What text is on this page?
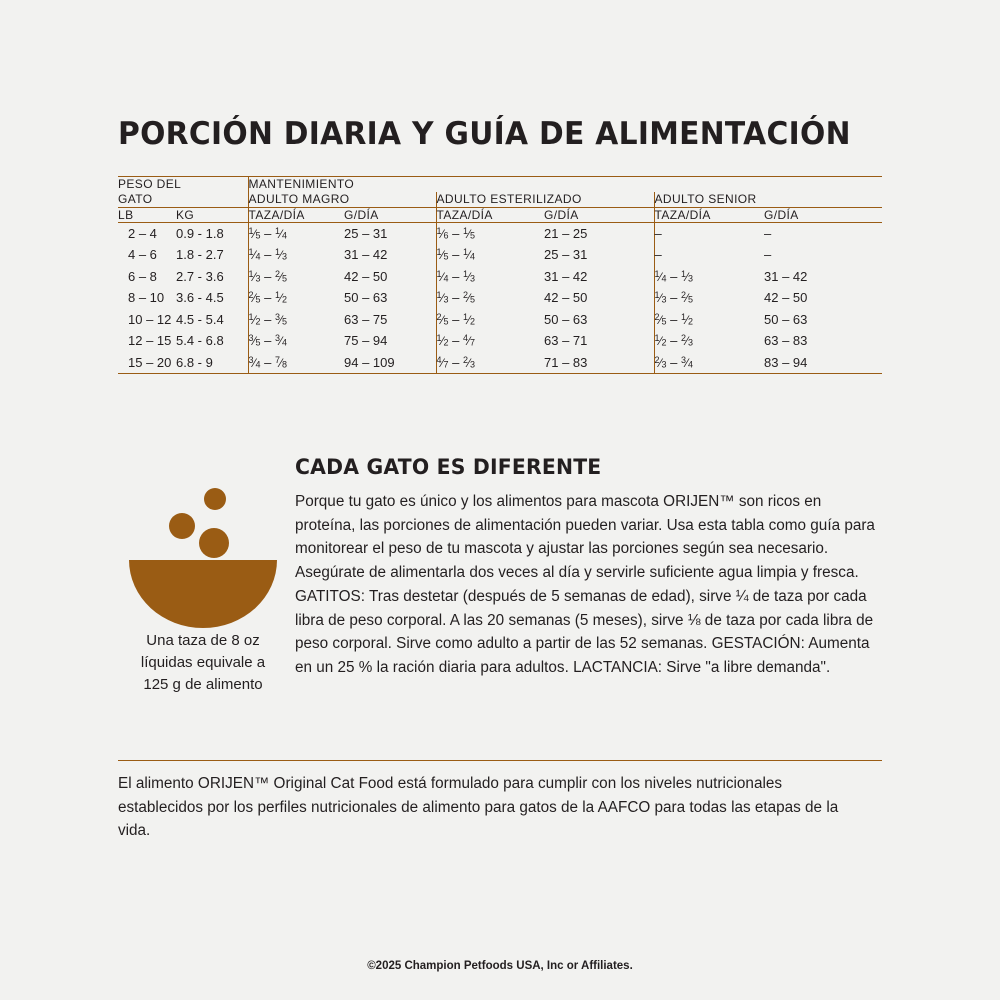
PORCIÓN DIARIA Y GUÍA DE ALIMENTACIÓN
PESO DEL
GATO		MANTENIMIENTO					
		ADULTO MAGRO		ADULTO ESTERILIZADO		ADULTO SENIOR	
LB	KG	TAZA/DÍA	G/DÍA	TAZA/DÍA	G/DÍA	TAZA/DÍA	G/DÍA
2 – 4	0.9 - 1.8	$^1⁄_5$ – $^1⁄_4$	25 – 31	$^1⁄_6$ – $^1⁄_5$	21 – 25	–	–
4 – 6	1.8 - 2.7	$^1⁄_4$ – $^1⁄_3$	31 – 42	$^1⁄_5$ – $^1⁄_4$	25 – 31	–	–
6 – 8	2.7 - 3.6	$^1⁄_3$ – $^2⁄_5$	42 – 50	$^1⁄_4$ – $^1⁄_3$	31 – 42	$^1⁄_4$ – $^1⁄_3$	31 – 42
8 – 10	3.6 - 4.5	$^2⁄_5$ – $^1⁄_2$	50 – 63	$^1⁄_3$ – $^2⁄_5$	42 – 50	$^1⁄_3$ – $^2⁄_5$	42 – 50
10 – 12	4.5 - 5.4	$^1⁄_2$ – $^3⁄_5$	63 – 75	$^2⁄_5$ – $^1⁄_2$	50 – 63	$^2⁄_5$ – $^1⁄_2$	50 – 63
12 – 15	5.4 - 6.8	$^3⁄_5$ – $^3⁄_4$	75 – 94	$^1⁄_2$ – $^4⁄_7$	63 – 71	$^1⁄_2$ – $^2⁄_3$	63 – 83
15 – 20	6.8 - 9	$^3⁄_4$ – $^7⁄_8$	94 – 109	$^4⁄_7$ – $^2⁄_3$	71 – 83	$^2⁄_3$ – $^3⁄_4$	83 – 94
Una taza de 8 oz
líquidas equivale a
125 g de alimento
CADA GATO ES DIFERENTE

Porque tu gato es único y los alimentos para mascota ORIJEN™ son ricos en proteína, las porciones de alimentación pueden variar. Usa esta tabla como guía para monitorear el peso de tu mascota y ajustar las porciones según sea necesario. Asegúrate de alimentarla dos veces al día y servirle suficiente agua limpia y fresca.

GATITOS: Tras destetar (después de 5 semanas de edad), sirve ¼ de taza por cada libra de peso corporal. A las 20 semanas (5 meses), sirve ⅛ de taza por cada libra de peso corporal. Sirve como adulto a partir de las 52 semanas. GESTACIÓN: Aumenta en un 25 % la ración diaria para adultos. LACTANCIA: Sirve "a libre demanda".

El alimento ORIJEN™ Original Cat Food está formulado para cumplir con los niveles nutricionales establecidos por los perfiles nutricionales de alimento para gatos de la AAFCO para todas las etapas de la vida.
©2025 Champion Petfoods USA, Inc or Affiliates.
